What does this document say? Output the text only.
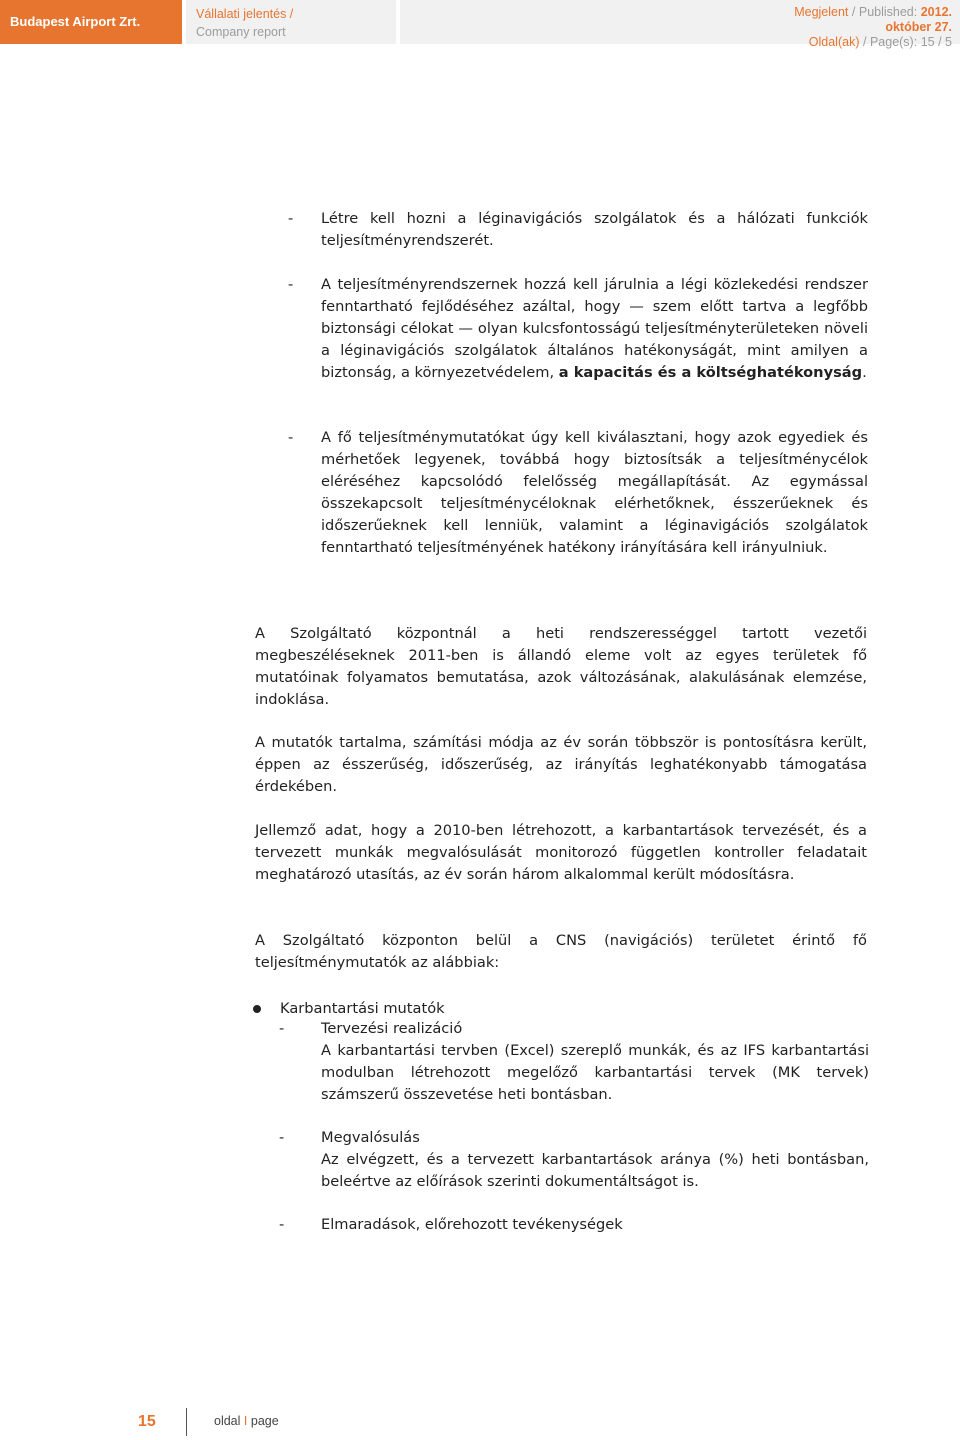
Budapest Airport Zrt.	Vállalati jelentés /
Company report
Megjelent / Published: 2012.
október 27.
Oldal(ak) / Page(s): 15 / 5
- Létre kell hozni a léginavigációs szolgálatok és a hálózati funkciók teljesítményrendszerét.
- A teljesítményrendszernek hozzá kell járulnia a légi közlekedési rendszer fenntartható fejlődéséhez azáltal, hogy — szem előtt tartva a legfőbb biztonsági célokat — olyan kulcsfontosságú teljesítményterületeken növeli a léginavigációs szolgálatok általános hatékonyságát, mint amilyen a biztonság, a környezetvédelem, a kapacitás és a költséghatékonyság.
- A fő teljesítménymutatókat úgy kell kiválasztani, hogy azok egyediek és mérhetőek legyenek, továbbá hogy biztosítsák a teljesítménycélok eléréséhez kapcsolódó felelősség megállapítását. Az egymással összekapcsolt teljesítménycéloknak elérhetőknek, ésszerűeknek és időszerűeknek kell lenniük, valamint a léginavigációs szolgálatok fenntartható teljesítményének hatékony irányítására kell irányulniuk.
A Szolgáltató központnál a heti rendszerességgel tartott vezetői megbeszéléseknek 2011-ben is állandó eleme volt az egyes területek fő mutatóinak folyamatos bemutatása, azok változásának, alakulásának elemzése, indoklása.
A mutatók tartalma, számítási módja az év során többször is pontosításra került, éppen az ésszerűség, időszerűség, az irányítás leghatékonyabb támogatása érdekében.
Jellemző adat, hogy a 2010-ben létrehozott, a karbantartások tervezését, és a tervezett munkák megvalósulását monitorozó független kontroller feladatait meghatározó utasítás, az év során három alkalommal került módosításra.
A Szolgáltató központon belül a CNS (navigációs) területet érintő fő teljesítménymutatók az alábbiak:
Karbantartási mutatók
-	Tervezési realizáció
A karbantartási tervben (Excel) szereplő munkák, és az IFS karbantartási modulban létrehozott megelőző karbantartási tervek (MK tervek) számszerű összevetése heti bontásban.
-	Megvalósulás
Az elvégzett, és a tervezett karbantartások aránya (%) heti bontásban, beleértve az előírások szerinti dokumentáltságot is.
-	Elmaradások, előrehozott tevékenységek
15	oldal I page
